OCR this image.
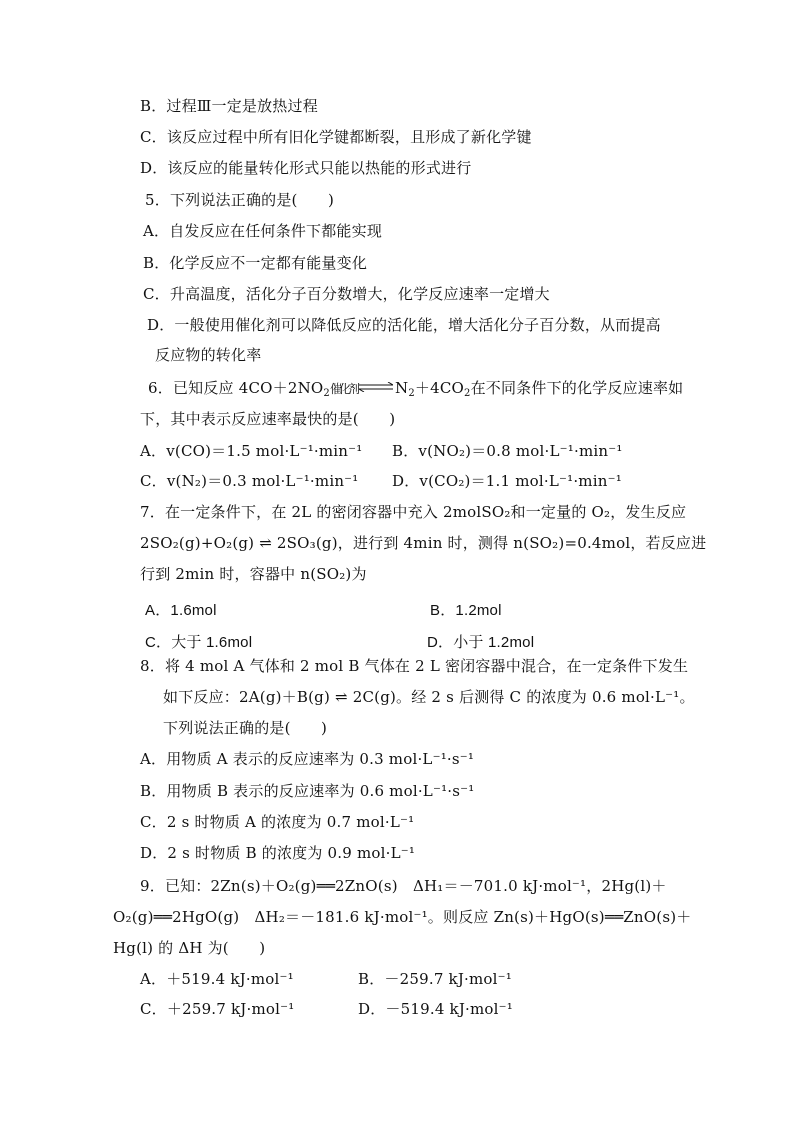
B．过程Ⅲ一定是放热过程
C．该反应过程中所有旧化学键都断裂，且形成了新化学键
D．该反应的能量转化形式只能以热能的形式进行
5．下列说法正确的是(　　)
A．自发反应在任何条件下都能实现
B．化学反应不一定都有能量变化
C．升高温度，活化分子百分数增大，化学反应速率一定增大
D．一般使用催化剂可以降低反应的活化能，增大活化分子百分数，从而提高
反应物的转化率
6．已知反应 $4CO+2NO_2$催化剂 ⇌ $N_2+4CO_2$在不同条件下的化学反应速率如
下，其中表示反应速率最快的是(　　)
A．v(CO)＝1.5 mol·L⁻¹·min⁻¹ B．v(NO₂)＝0.8 mol·L⁻¹·min⁻¹
C．v(N₂)＝0.3 mol·L⁻¹·min⁻¹ D．v(CO₂)＝1.1 mol·L⁻¹·min⁻¹
7．在一定条件下，在 2L 的密闭容器中充入 2molSO₂和一定量的 O₂，发生反应
2SO₂(g)+O₂(g) ⇌ 2SO₃(g)，进行到 4min 时，测得 n(SO₂)=0.4mol，若反应进
行到 2min 时，容器中 n(SO₂)为
A．1.6mol	B．1.2mol
C．大于 1.6mol	D．小于 1.2mol
8．将 4 mol A 气体和 2 mol B 气体在 2 L 密闭容器中混合，在一定条件下发生
如下反应：2A(g)＋B(g) ⇌ 2C(g)。经 2 s 后测得 C 的浓度为 0.6 mol·L⁻¹。
下列说法正确的是(　　)
A．用物质 A 表示的反应速率为 0.3 mol·L⁻¹·s⁻¹
B．用物质 B 表示的反应速率为 0.6 mol·L⁻¹·s⁻¹
C．2 s 时物质 A 的浓度为 0.7 mol·L⁻¹
D．2 s 时物质 B 的浓度为 0.9 mol·L⁻¹
9．已知：2Zn(s)＋O₂(g)══2ZnO(s)　ΔH₁＝－701.0 kJ·mol⁻¹，2Hg(l)＋
O₂(g)══2HgO(g)　ΔH₂＝－181.6 kJ·mol⁻¹。则反应 Zn(s)＋HgO(s)══ZnO(s)＋
Hg(l) 的 ΔH 为(　　)
A．＋519.4 kJ·mol⁻¹	B．－259.7 kJ·mol⁻¹
C．＋259.7 kJ·mol⁻¹	D．－519.4 kJ·mol⁻¹
